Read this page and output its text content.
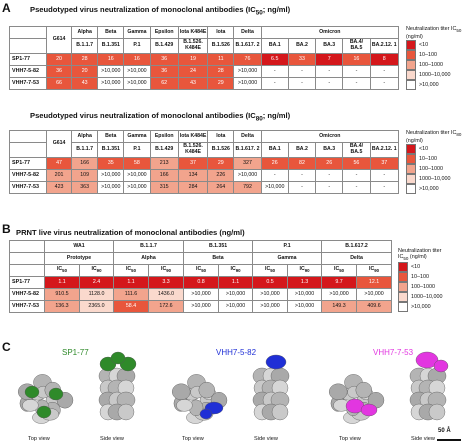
A	Pseudotyped virus neutralization of monoclonal antibodies ($IC_{50}$; ng/ml)
	G614	Alpha	Beta	Gamma	Epsilon	Iota K484E	Iota	Delta	Omicron				
		B.1.1.7	B.1.351	P.1	B.1.429	B.1.526. K484E	B.1.526	B.1.617. 2	BA.1	BA.2	BA.3	BA.4/ BA.5	BA.2.12. 1
SP1-77	20	28	16	16	36	19	11	76	6.5	33	7	16	8
VHH7-5-82	36	20	>10,000	>10,000	36	24	28	>10,000	-	-	-	-	-
VHH7-7-53	66	43	>10,000	>10,000	62	43	29	>10,000	-	-	-	-	-
Neutralization titer $IC_{50}$ (ng/ml)
<10
10–100
100–1000
1000–10,000
>10,000
Pseudotyped virus neutralization of monoclonal antibodies ($IC_{80}$; ng/ml)
	G614	Alpha	Beta	Gamma	Epsilon	Iota K484E	Iota	Delta	Omicron				
		B.1.1.7	B.1.351	P.1	B.1.429	B.1.526. K484E	B.1.526	B.1.617. 2	BA.1	BA.2	BA.3	BA.4/ BA.5	BA.2.12. 1
SP1-77	47	166	35	58	213	37	29	327	26	82	26	56	37
VHH7-5-82	201	109	>10,000	>10,000	166	134	226	>10,000	-	-	-	-	-
VHH7-7-53	423	363	>10,000	>10,000	315	284	264	792	>10,000	-	-	-	-
Neutralization titer $IC_{80}$ (ng/ml)
<10
10–100
100–1000
1000–10,000
>10,000
B PRNT live virus neutralization of monoclonal antibodies (ng/ml)
	WA1		B.1.1.7		B.1.351		P.1		B.1.617.2	
	Prototype		Alpha		Beta		Gamma		Delta	
	$IC_{50}$	$IC_{90}$	$IC_{50}$	$IC_{90}$	$IC_{50}$	$IC_{90}$	$IC_{50}$	$IC_{90}$	$IC_{50}$	$IC_{90}$
SP1-77	1.1	2.4	1.1	3.3	0.8	1.1	0.5	1.3	9.7	12.1
VHH7-5-82	910.5	1128.0	111.6	1436.0	>10,000	>10,000	>10,000	>10,000	>10,000	>10,000
VHH7-7-53	136.3	2365.0	58.4	172.6	>10,000	>10,000	>10,000	>10,000	149.3	409.6
Neutralization titer
$IC_{50}$ (ng/ml)
<10
10–100
100–1000
1000–10,000
>10,000
C	SP1-77
Top view	Side view
VHH7-5-82
Top view	Side view
VHH7-7-53
Top view	Side view
50 Å
